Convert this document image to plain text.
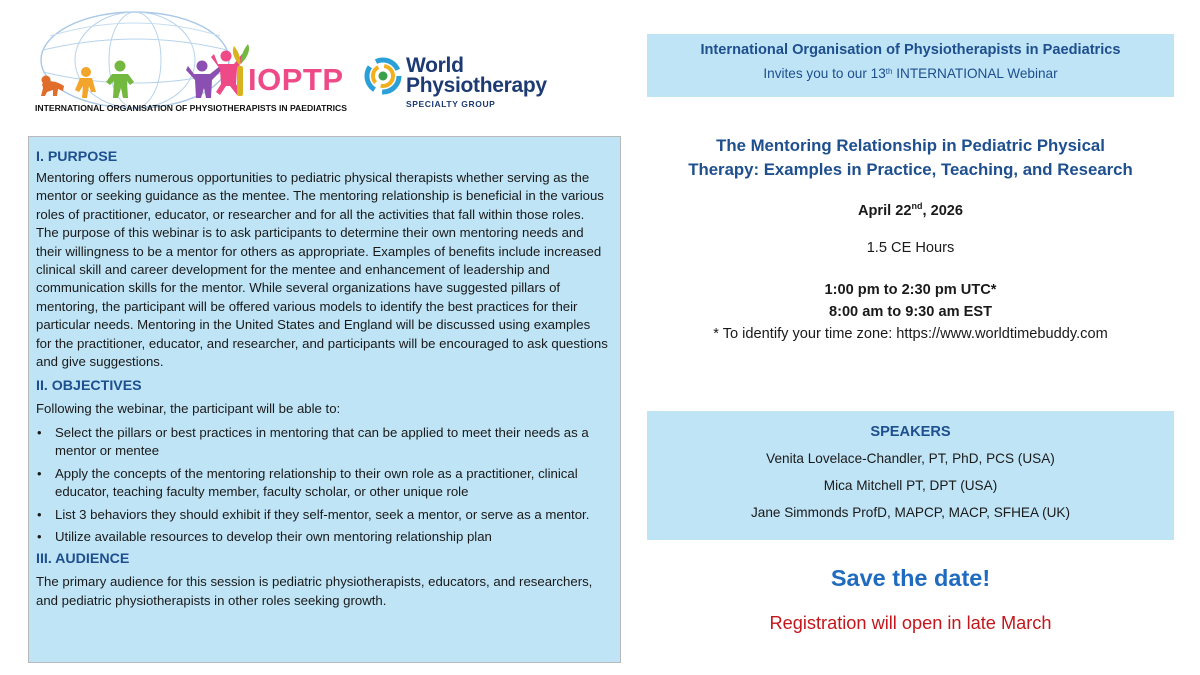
IOPTP
INTERNATIONAL ORGANISATION OF PHYSIOTHERAPISTS IN PAEDIATRICS
World
Physiotherapy
SPECIALTY GROUP
I. PURPOSE

Mentoring offers numerous opportunities to pediatric physical therapists whether serving as the mentor or seeking guidance as the mentee. The mentoring relationship is beneficial in the various roles of practitioner, educator, or researcher and for all the activities that fall within those roles. The purpose of this webinar is to ask participants to determine their own mentoring needs and their willingness to be a mentor for others as appropriate. Examples of benefits include increased clinical skill and career development for the mentee and enhancement of leadership and communication skills for the mentor. While several organizations have suggested pillars of mentoring, the participant will be offered various models to identify the best practices for their particular needs. Mentoring in the United States and England will be discussed using examples for the practitioner, educator, and researcher, and participants will be encouraged to ask questions and give suggestions.

II. OBJECTIVES

Following the webinar, the participant will be able to:

• Select the pillars or best practices in mentoring that can be applied to meet their needs as a mentor or mentee
• Apply the concepts of the mentoring relationship to their own role as a practitioner, clinical educator, teaching faculty member, faculty scholar, or other unique role
• List 3 behaviors they should exhibit if they self-mentor, seek a mentor, or serve as a mentor.
• Utilize available resources to develop their own mentoring relationship plan
III. AUDIENCE

The primary audience for this session is pediatric physiotherapists, educators, and researchers, and pediatric physiotherapists in other roles seeking growth.

International Organisation of Physiotherapists in Paediatrics
Invites you to our 13th INTERNATIONAL Webinar
The Mentoring Relationship in Pediatric Physical
Therapy: Examples in Practice, Teaching, and Research
April 22nd, 2026
1.5 CE Hours
1:00 pm to 2:30 pm UTC*
8:00 am to 9:30 am EST
* To identify your time zone: https://www.worldtimebuddy.com
SPEAKERS
Venita Lovelace-Chandler, PT, PhD, PCS (USA)
Mica Mitchell PT, DPT (USA)
Jane Simmonds ProfD, MAPCP, MACP, SFHEA (UK)
Save the date!
Registration will open in late March
